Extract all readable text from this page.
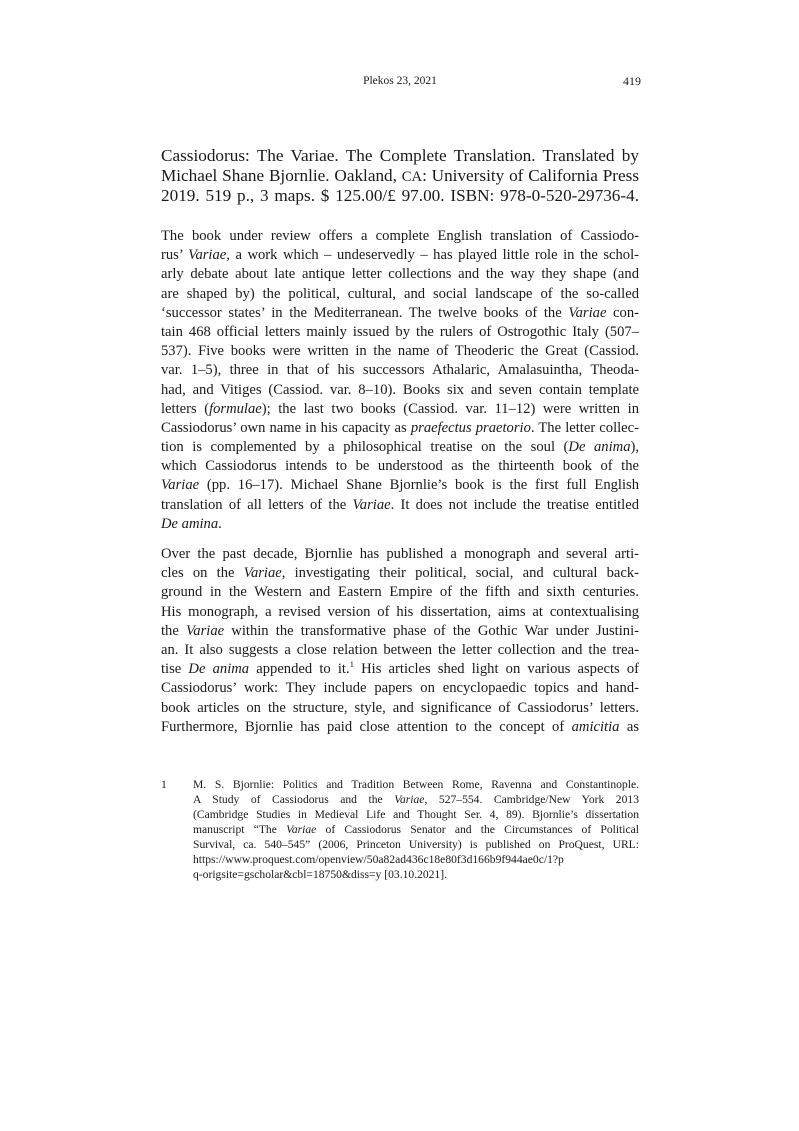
Plekos 23, 2021	419
Cassiodorus: The Variae. The Complete Translation. Translated by
Michael Shane Bjornlie. Oakland, CA: University of California Press
2019. 519 p., 3 maps. $ 125.00/£ 97.00. ISBN: 978-0-520-29736-4.
The book under review offers a complete English translation of Cassiodo-
rus’ Variae, a work which – undeservedly – has played little role in the schol-
arly debate about late antique letter collections and the way they shape (and
are shaped by) the political, cultural, and social landscape of the so-called
‘successor states’ in the Mediterranean. The twelve books of the Variae con-
tain 468 official letters mainly issued by the rulers of Ostrogothic Italy (507–
537). Five books were written in the name of Theoderic the Great (Cassiod.
var. 1–5), three in that of his successors Athalaric, Amalasuintha, Theoda-
had, and Vitiges (Cassiod. var. 8–10). Books six and seven contain template
letters (formulae); the last two books (Cassiod. var. 11–12) were written in
Cassiodorus’ own name in his capacity as praefectus praetorio. The letter collec-
tion is complemented by a philosophical treatise on the soul (De anima),
which Cassiodorus intends to be understood as the thirteenth book of the
Variae (pp. 16–17). Michael Shane Bjornlie’s book is the first full English
translation of all letters of the Variae. It does not include the treatise entitled
De amina.
Over the past decade, Bjornlie has published a monograph and several arti-
cles on the Variae, investigating their political, social, and cultural back-
ground in the Western and Eastern Empire of the fifth and sixth centuries.
His monograph, a revised version of his dissertation, aims at contextualising
the Variae within the transformative phase of the Gothic War under Justini-
an. It also suggests a close relation between the letter collection and the trea-
tise De anima appended to it.$^1$ His articles shed light on various aspects of
Cassiodorus’ work: They include papers on encyclopaedic topics and hand-
book articles on the structure, style, and significance of Cassiodorus’ letters.
Furthermore, Bjornlie has paid close attention to the concept of amicitia as
1 M. S. Bjornlie: Politics and Tradition Between Rome, Ravenna and Constantinople.
A Study of Cassiodorus and the Variae, 527–554. Cambridge/New York 2013
(Cambridge Studies in Medieval Life and Thought Ser. 4, 89). Bjornlie’s dissertation
manuscript “The Variae of Cassiodorus Senator and the Circumstances of Political
Survival, ca. 540–545” (2006, Princeton University) is published on ProQuest, URL:
https://www.proquest.com/openview/50a82ad436c18e80f3d166b9f944ae0c/1?p
q-origsite=gscholar&cbl=18750&diss=y [03.10.2021].
